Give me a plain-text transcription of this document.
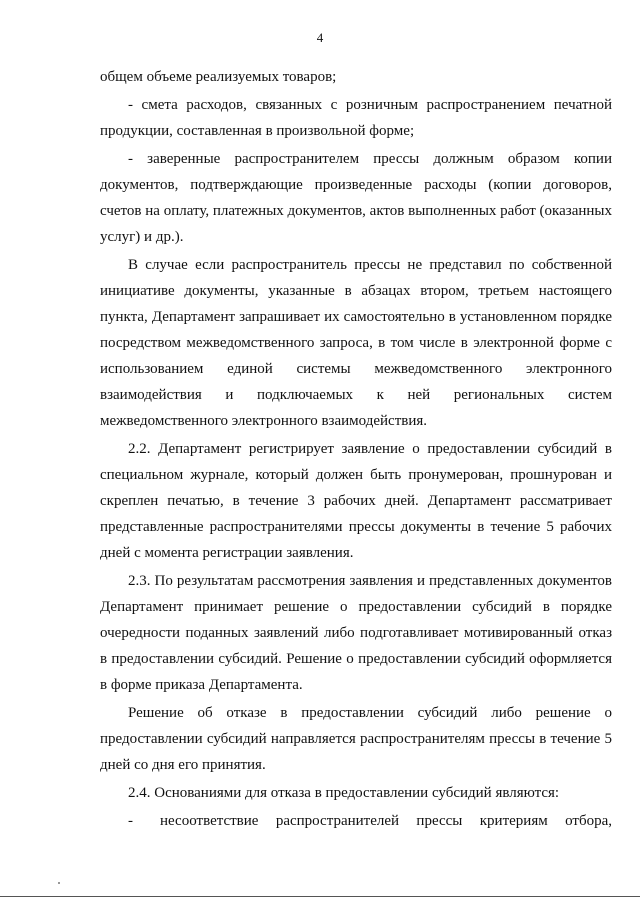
4

общем объеме реализуемых товаров;

- смета расходов, связанных с розничным распространением печатной продукции, составленная в произвольной форме;

- заверенные распространителем прессы должным образом копии документов, подтверждающие произведенные расходы (копии договоров, счетов на оплату, платежных документов, актов выполненных работ (оказанных услуг) и др.).

В случае если распространитель прессы не представил по собственной инициативе документы, указанные в абзацах втором, третьем настоящего пункта, Департамент запрашивает их самостоятельно в установленном порядке посредством межведомственного запроса, в том числе в электронной форме с использованием единой системы межведомственного электронного взаимодействия и подключаемых к ней региональных систем межведомственного электронного взаимодействия.

2.2. Департамент регистрирует заявление о предоставлении субсидий в специальном журнале, который должен быть пронумерован, прошнурован и скреплен печатью, в течение 3 рабочих дней. Департамент рассматривает представленные распространителями прессы документы в течение 5 рабочих дней с момента регистрации заявления.

2.3. По результатам рассмотрения заявления и представленных документов Департамент принимает решение о предоставлении субсидий в порядке очередности поданных заявлений либо подготавливает мотивированный отказ в предоставлении субсидий. Решение о предоставлении субсидий оформляется в форме приказа Департамента.

Решение об отказе в предоставлении субсидий либо решение о предоставлении субсидий направляется распространителям прессы в течение 5 дней со дня его принятия.

2.4. Основаниями для отказа в предоставлении субсидий являются:

-	несоответствие распространителей прессы критериям отбора,
